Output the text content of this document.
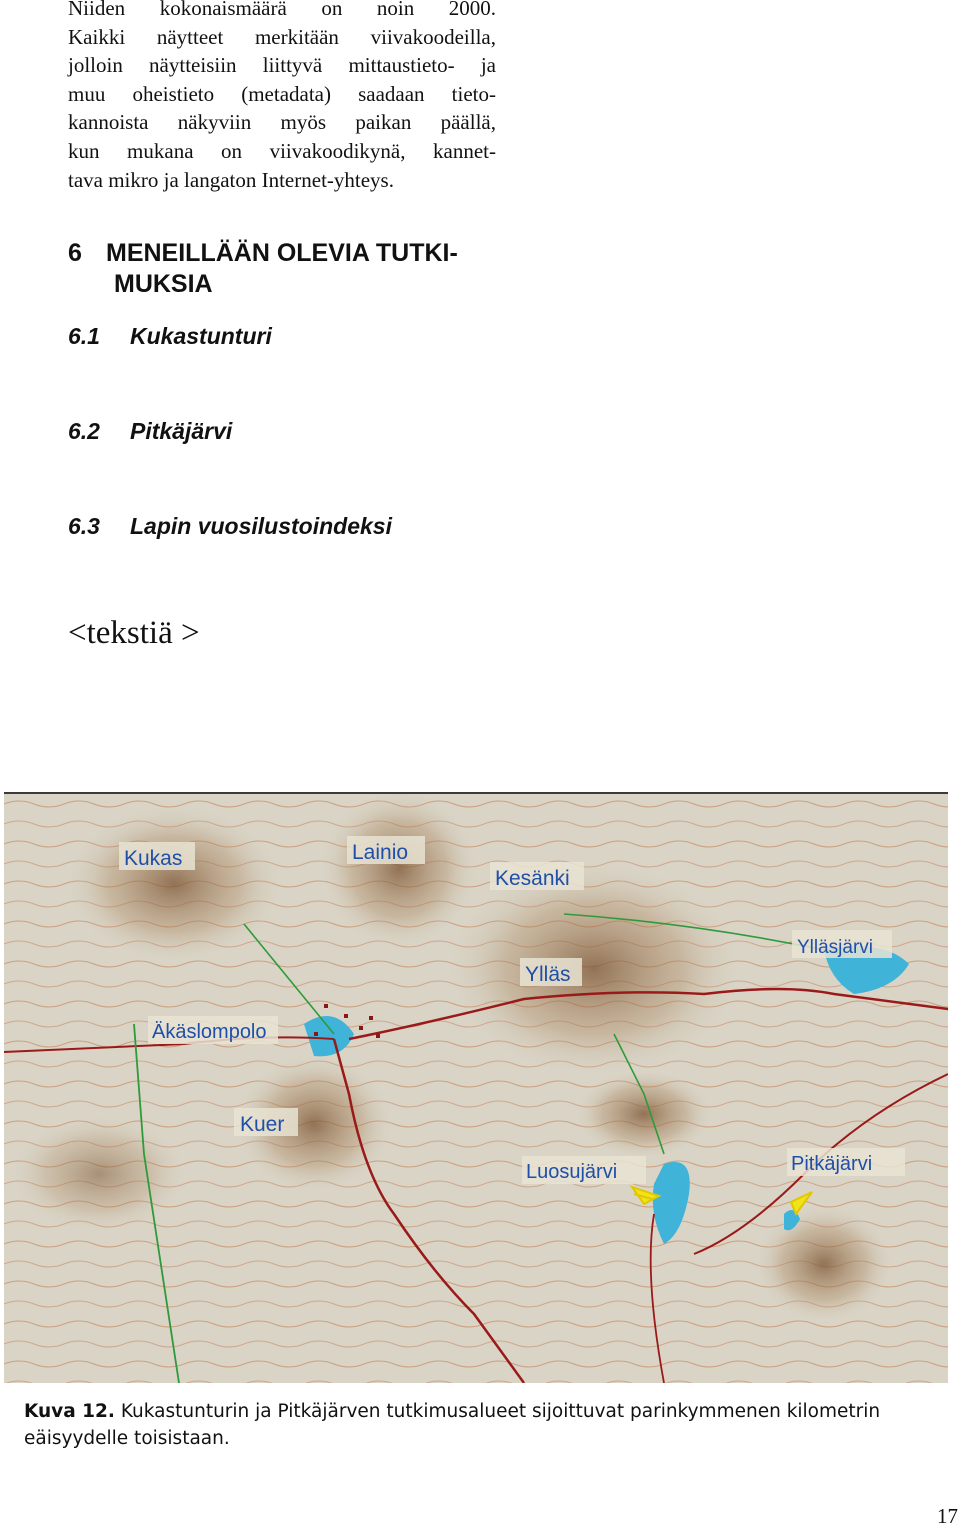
Niiden kokonaismäärä on noin 2000.
Kaikki näytteet merkitään viivakoodeilla,
jolloin näytteisiin liittyvä mittaustieto- ja
muu oheistieto (metadata) saadaan tieto-
kannoista näkyviin myös paikan päällä,
kun mukana on viivakoodikynä, kannet-
tava mikro ja langaton Internet-yhteys.
6 MENEILLÄÄN OLEVIA TUTKI-
MUKSIA
6.1 Kukastunturi
6.2 Pitkäjärvi
6.3 Lapin vuosilustoindeksi
<tekstiä >
Kukas	Lainio
Kesänki
Ylläsjärvi
Ylläs
Äkäslompolo
Kuer
Luosujärvi	Pitkäjärvi
Kuva 12. Kukastunturin ja Pitkäjärven tutkimusalueet sijoittuvat parinkymmenen kilometrin eäisyydelle toisistaan.
17
